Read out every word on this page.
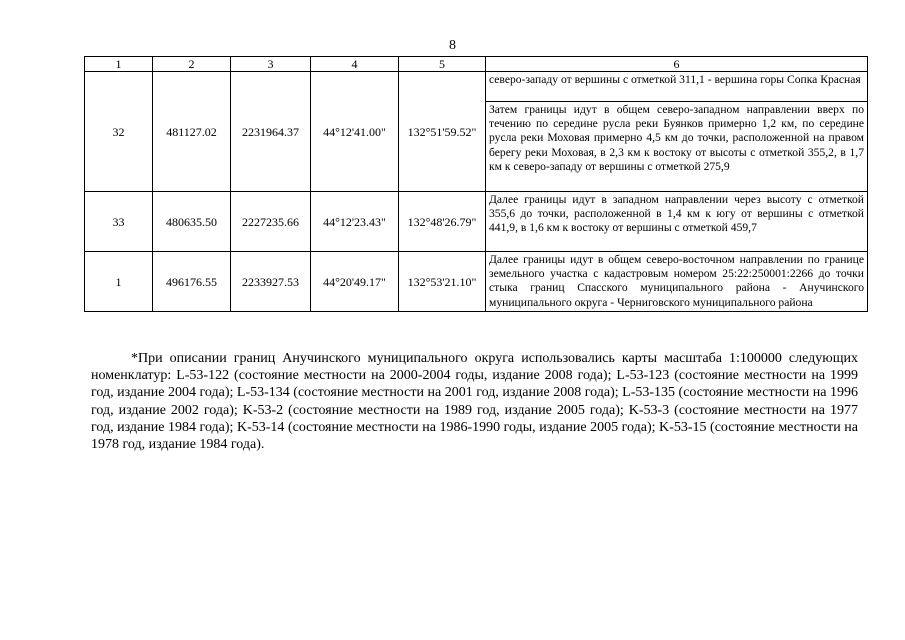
8
1	2	3	4	5	6
32	481127.02	2231964.37	44°12'41.00"	132°51'59.52"	северо-западу от вершины с отметкой 311,1 - вершина горы Сопка Красная
					Затем границы идут в общем северо-западном направлении вверх по течению по середине русла реки Буянков примерно 1,2 км, по середине русла реки Моховая примерно 4,5 км до точки, расположенной на правом берегу реки Моховая, в 2,3 км к востоку от высоты с отметкой 355,2, в 1,7 км к северо-западу от вершины с отметкой 275,9
33	480635.50	2227235.66	44°12'23.43"	132°48'26.79"	Далее границы идут в западном направлении через высоту с отметкой 355,6 до точки, расположенной в 1,4 км к югу от вершины с отметкой 441,9, в 1,6 км к востоку от вершины с отметкой 459,7
1	496176.55	2233927.53	44°20'49.17"	132°53'21.10"	Далее границы идут в общем северо-восточном направлении по границе земельного участка с кадастровым номером 25:22:250001:2266 до точки стыка границ Спасского муниципального района - Анучинского муниципального округа - Черниговского муниципального района

*При описании границ Анучинского муниципального округа использовались карты масштаба 1:100000 следующих номенклатур: L-53-122 (состояние местности на 2000-2004 годы, издание 2008 года); L-53-123 (состояние местности на 1999 год, издание 2004 года); L-53-134 (состояние местности на 2001 год, издание 2008 года); L-53-135 (состояние местности на 1996 год, издание 2002 года); K-53-2 (состояние местности на 1989 год, издание 2005 года); K-53-3 (состояние местности на 1977 год, издание 1984 года); K-53-14 (состояние местности на 1986-1990 годы, издание 2005 года); K-53-15 (состояние местности на 1978 год, издание 1984 года).
